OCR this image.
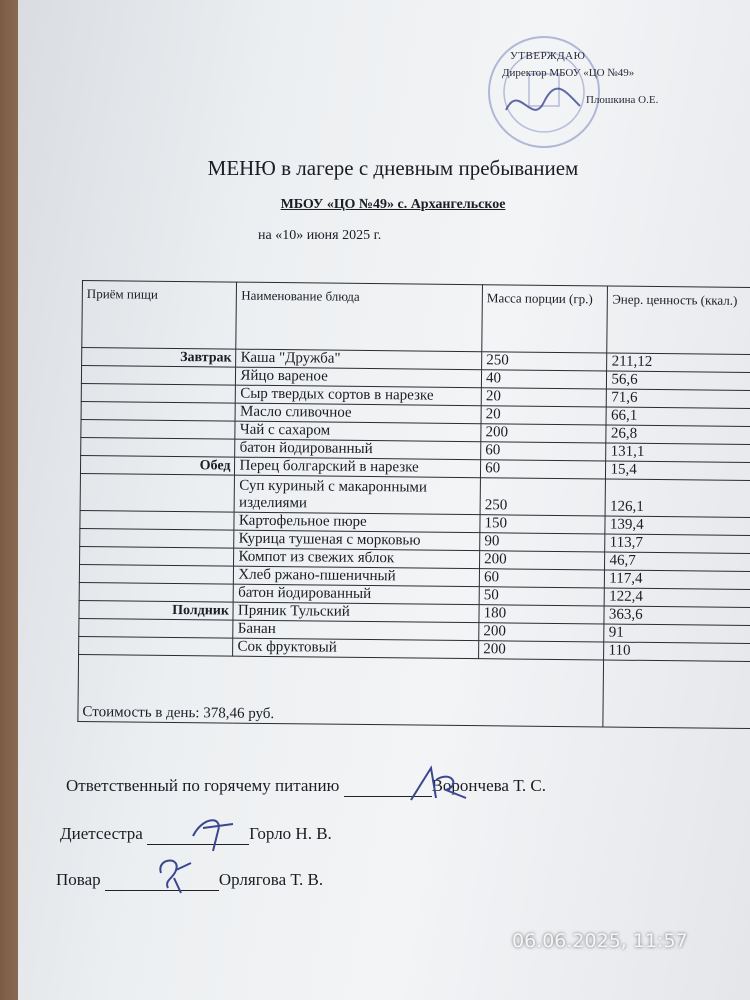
УТВЕРЖДАЮ
Директор МБОУ «ЦО №49»
Плошкина О.Е.
МЕНЮ в лагере с дневным пребыванием
МБОУ «ЦО №49» с. Архангельское
на «10» июня 2025 г.
Приём пищи	Наименование блюда	Масса порции (гр.)	Энер. ценность (ккал.)
Завтрак	Каша "Дружба"	250	211,12
	Яйцо вареное	40	56,6
	Сыр твердых сортов в нарезке	20	71,6
	Масло сливочное	20	66,1
	Чай с сахаром	200	26,8
	батон йодированный	60	131,1
Обед	Перец болгарский в нарезке	60	15,4
	Суп куриный с макаронными изделиями	250	126,1
	Картофельное пюре	150	139,4
	Курица тушеная с морковью	90	113,7
	Компот из свежих яблок	200	46,7
	Хлеб ржано-пшеничный	60	117,4
	батон йодированный	50	122,4
Полдник	Пряник Тульский	180	363,6
	Банан	200	91
	Сок фруктовый	200	110
Стоимость в день: 378,46 руб.			
Ответственный по горячему питанию	Ворончева Т. С.
Диетсестра	Горло Н. В.
Повар	Орлягова Т. В.
06.06.2025, 11:57
